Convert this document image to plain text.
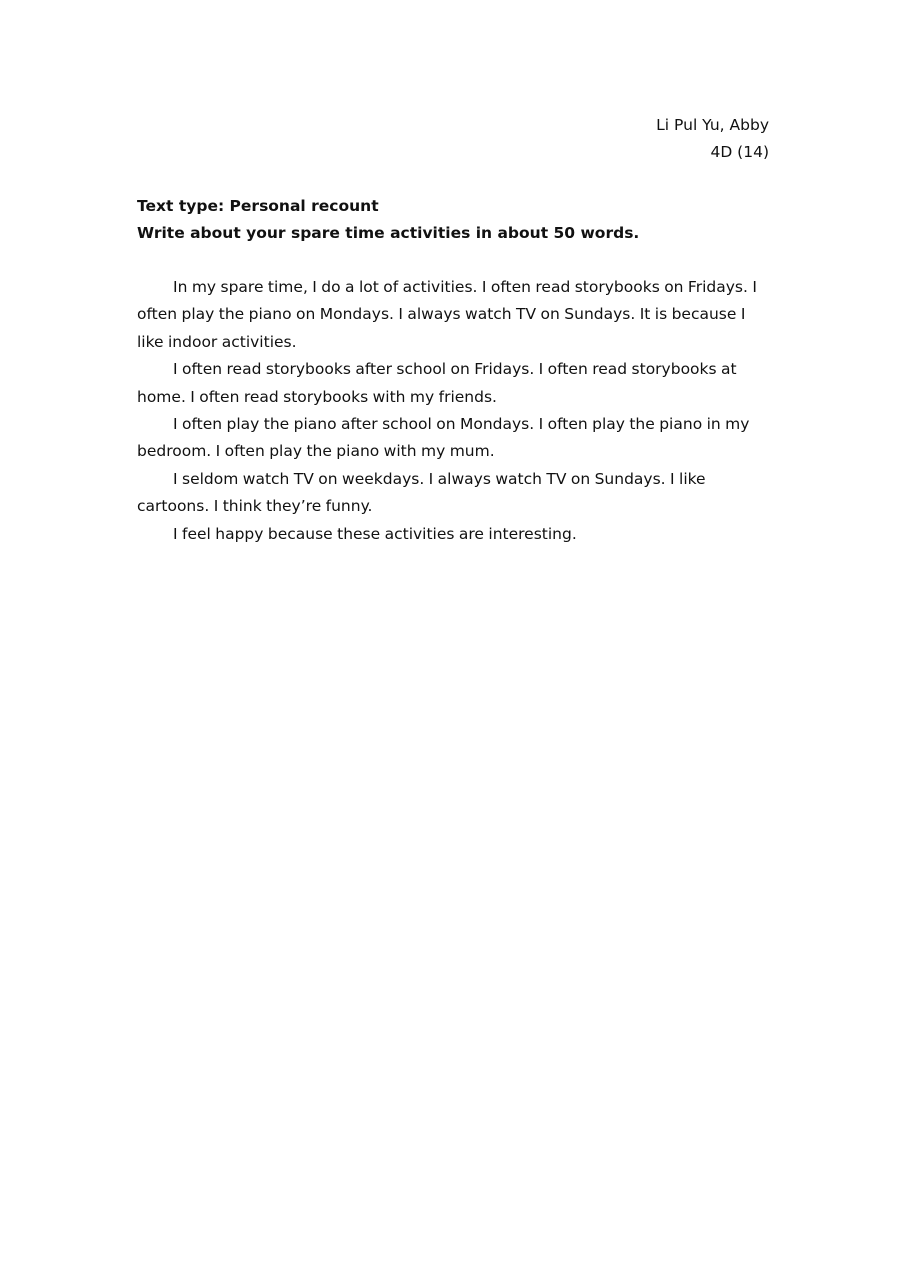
Li Pul Yu, Abby
4D (14)
Text type: Personal recount
Write about your spare time activities in about 50 words.

In my spare time, I do a lot of activities. I often read storybooks on Fridays. I often play the piano on Mondays. I always watch TV on Sundays. It is because I like indoor activities.

I often read storybooks after school on Fridays. I often read storybooks at home. I often read storybooks with my friends.

I often play the piano after school on Mondays. I often play the piano in my bedroom. I often play the piano with my mum.

I seldom watch TV on weekdays. I always watch TV on Sundays. I like cartoons. I think they’re funny.

I feel happy because these activities are interesting.
